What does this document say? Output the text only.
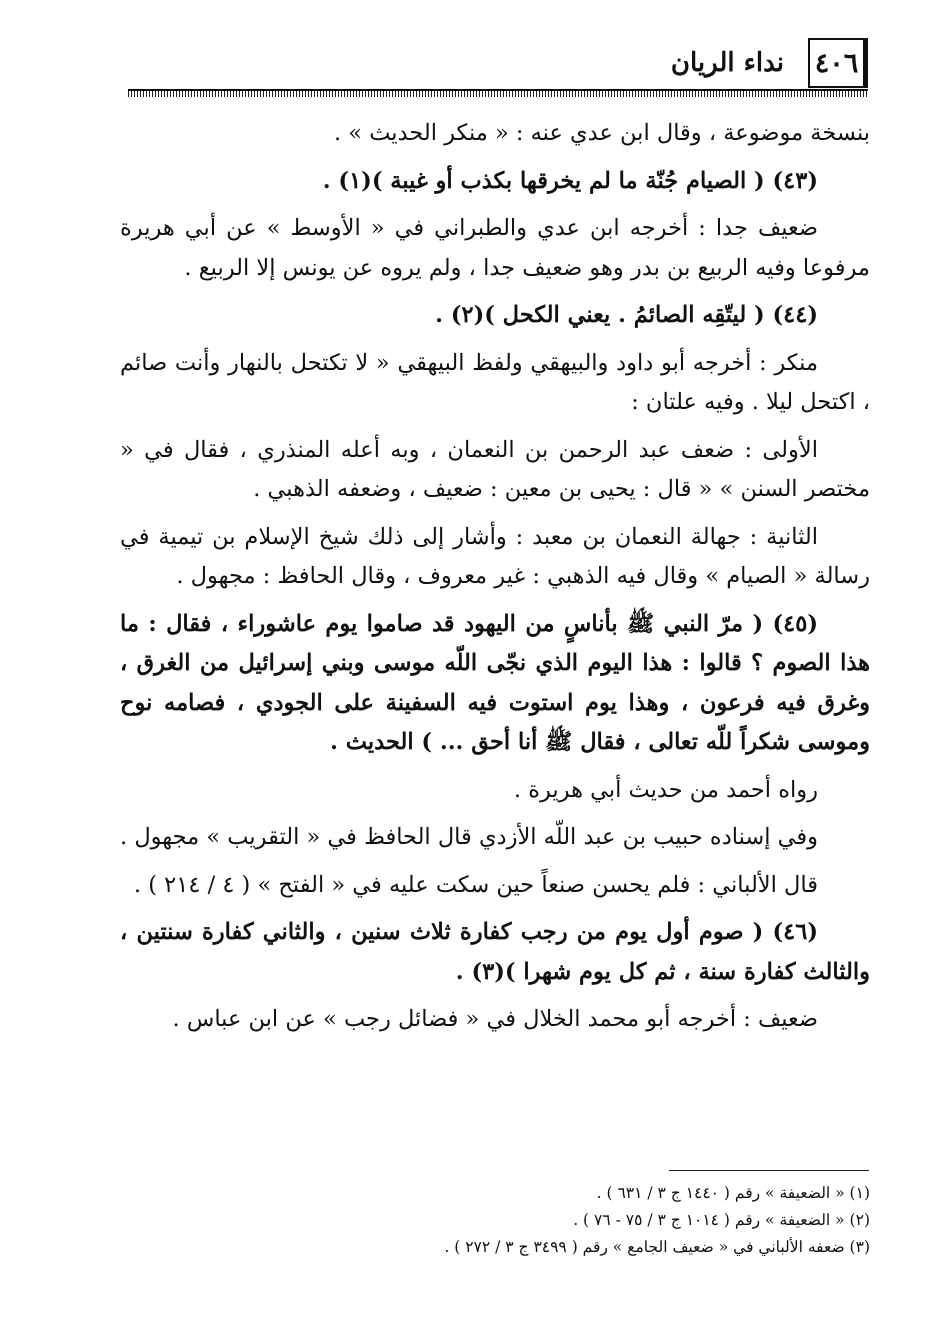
٤٠٦
نداء الريان

بنسخة موضوعة ، وقال ابن عدي عنه : « منكر الحديث » .

(٤٣) ( الصيام جُنّة ما لم يخرقها بكذب أو غيبة )(١) .

ضعيف جدا : أخرجه ابن عدي والطبراني في « الأوسط » عن أبي هريرة مرفوعا وفيه الربيع بن بدر وهو ضعيف جدا ، ولم يروه عن يونس إلا الربيع .

(٤٤) ( ليتّقِه الصائمُ . يعني الكحل )(٢) .

منكر : أخرجه أبو داود والبيهقي ولفظ البيهقي « لا تكتحل بالنهار وأنت صائم ، اكتحل ليلا . وفيه علتان :

الأولى : ضعف عبد الرحمن بن النعمان ، وبه أعله المنذري ، فقال في « مختصر السنن » « قال : يحيى بن معين : ضعيف ، وضعفه الذهبي .

الثانية : جهالة النعمان بن معبد : وأشار إلى ذلك شيخ الإسلام بن تيمية في رسالة « الصيام » وقال فيه الذهبي : غير معروف ، وقال الحافظ : مجهول .

(٤٥) ( مرّ النبي ﷺ بأناسٍ من اليهود قد صاموا يوم عاشوراء ، فقال : ما هذا الصوم ؟ قالوا : هذا اليوم الذي نجّى اللّه موسى وبني إسرائيل من الغرق ، وغرق فيه فرعون ، وهذا يوم استوت فيه السفينة على الجودي ، فصامه نوح وموسى شكراً للّه تعالى ، فقال ﷺ أنا أحق ... ) الحديث .

رواه أحمد من حديث أبي هريرة .

وفي إسناده حبيب بن عبد اللّه الأزدي قال الحافظ في « التقريب » مجهول .

قال الألباني : فلم يحسن صنعاً حين سكت عليه في « الفتح » ( ٤ / ٢١٤ ) .

(٤٦) ( صوم أول يوم من رجب كفارة ثلاث سنين ، والثاني كفارة سنتين ، والثالث كفارة سنة ، ثم كل يوم شهرا )(٣) .

ضعيف : أخرجه أبو محمد الخلال في « فضائل رجب » عن ابن عباس .

(١) « الضعيفة » رقم ( ١٤٤٠ ج ٣ / ٦٣١ ) .

(٢) « الضعيفة » رقم ( ١٠١٤ ج ٣ / ٧٥ - ٧٦ ) .

(٣) ضعفه الألباني في « ضعيف الجامع » رقم ( ٣٤٩٩ ج ٣ / ٢٧٢ ) .
